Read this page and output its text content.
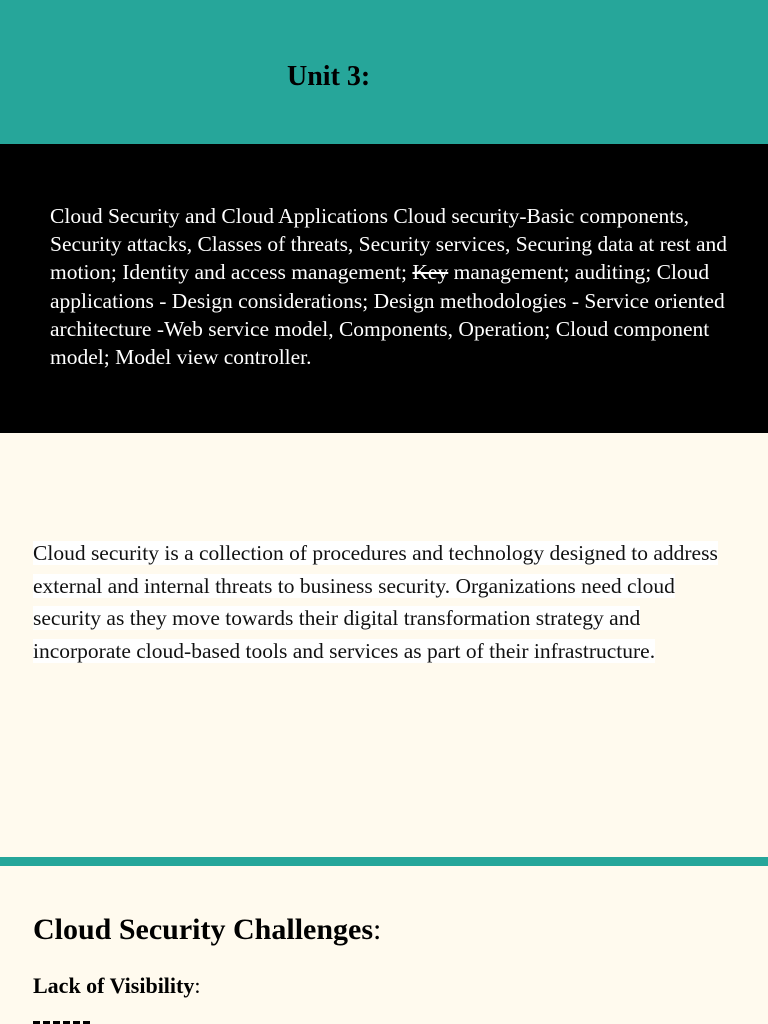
Unit 3:

Cloud Security and Cloud Applications Cloud security-Basic components, Security attacks, Classes of threats, Security services, Securing data at rest and motion; Identity and access management; Key management; auditing; Cloud applications - Design considerations; Design methodologies - Service oriented architecture -Web service model, Components, Operation; Cloud component model; Model view controller.

Cloud security is a collection of procedures and technology designed to address external and internal threats to business security. Organizations need cloud security as they move towards their digital transformation strategy and incorporate cloud-based tools and services as part of their infrastructure.

Cloud Security Challenges:

Lack of Visibility:
